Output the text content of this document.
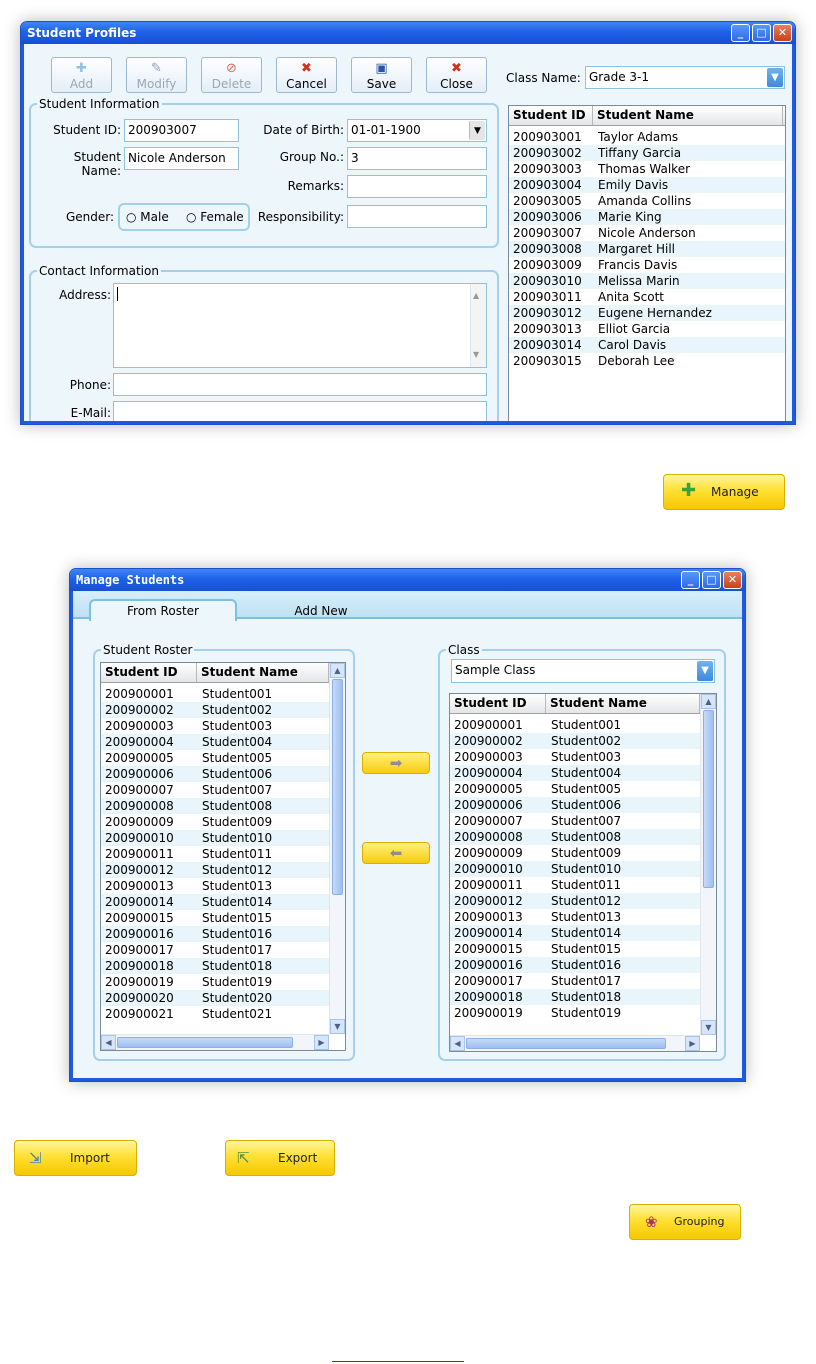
Student Profiles	_	□	✕
✚
Add
✎
Modify
⊘
Delete
✖
Cancel
▣
Save
✖
Close	Class Name: Grade 3-1	▼
Student Information
Student ID: 200903007	Date of Birth: 01-01-1900	▼
Student Name:
Nicole Anderson	Group No.: 3
Remarks:
Gender: ○ Male ○ Female	Responsibility:
Contact Information
Address:	▲
▼
Phone:
E-Mail:
Student ID Student Name
200903001	Taylor Adams
200903002	Tiffany Garcia
200903003	Thomas Walker
200903004	Emily Davis
200903005	Amanda Collins
200903006	Marie King
200903007	Nicole Anderson
200903008	Margaret Hill
200903009	Francis Davis
200903010	Melissa Marin
200903011	Anita Scott
200903012	Eugene Hernandez
200903013	Elliot Garcia
200903014	Carol Davis
200903015	Deborah Lee
✚ Manage
Manage Students	_	□	✕
From Roster	Add New
Student Roster
Student ID	Student Name
200900001	Student001
200900002	Student002
200900003	Student003
200900004	Student004
200900005	Student005
200900006	Student006
200900007	Student007
200900008	Student008
200900009	Student009
200900010	Student010
200900011	Student011
200900012	Student012
200900013	Student013
200900014	Student014
200900015	Student015
200900016	Student016
200900017	Student017
200900018	Student018
200900019	Student019
200900020	Student020
200900021	Student021
▲
▼
◀	▶
➡
⬅
Class
Sample Class	▼
Student ID	Student Name
200900001	Student001
200900002	Student002
200900003	Student003
200900004	Student004
200900005	Student005
200900006	Student006
200900007	Student007
200900008	Student008
200900009	Student009
200900010	Student010
200900011	Student011
200900012	Student012
200900013	Student013
200900014	Student014
200900015	Student015
200900016	Student016
200900017	Student017
200900018	Student018
200900019	Student019
▲
▼
◀	▶
⇲ Import	⇱ Export
❀ Grouping
